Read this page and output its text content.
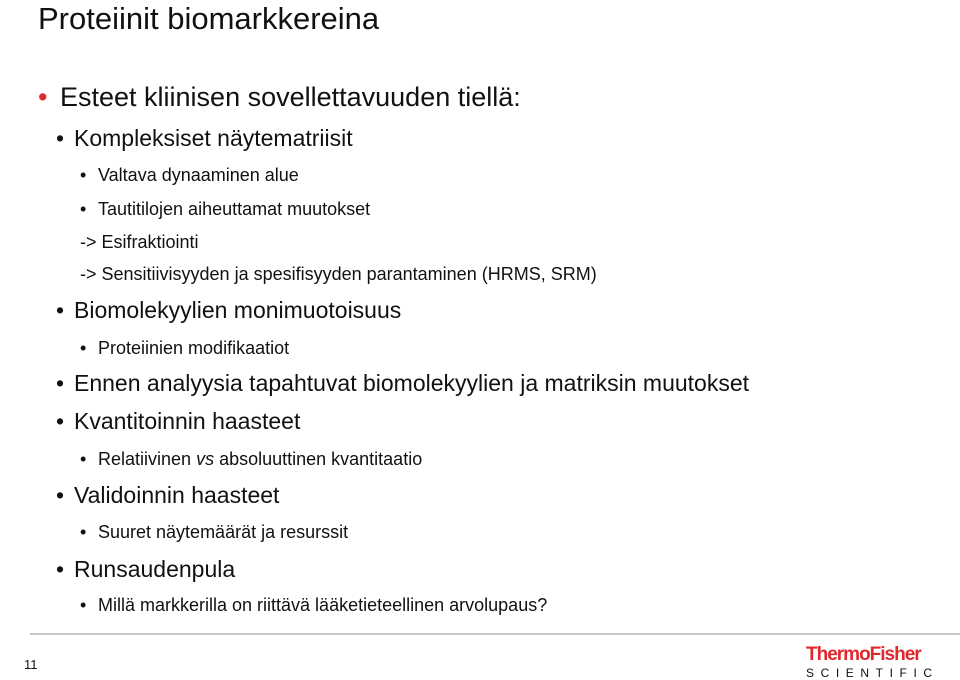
Proteiinit biomarkkereina
• Esteet kliinisen sovellettavuuden tiellä:
• Kompleksiset näytematriisit
• Valtava dynaaminen alue
• Tautitilojen aiheuttamat muutokset
-> Esifraktiointi
-> Sensitiivisyyden ja spesifisyyden parantaminen (HRMS, SRM)
• Biomolekyylien monimuotoisuus
• Proteiinien modifikaatiot
• Ennen analyysia tapahtuvat biomolekyylien ja matriksin muutokset
• Kvantitoinnin haasteet
• Relatiivinen vs absoluuttinen kvantitaatio
• Validoinnin haasteet
• Suuret näytemäärät ja resurssit
• Runsaudenpula
• Millä markkerilla on riittävä lääketieteellinen arvolupaus?
11	ThermoFisher
SCIENTIFIC
